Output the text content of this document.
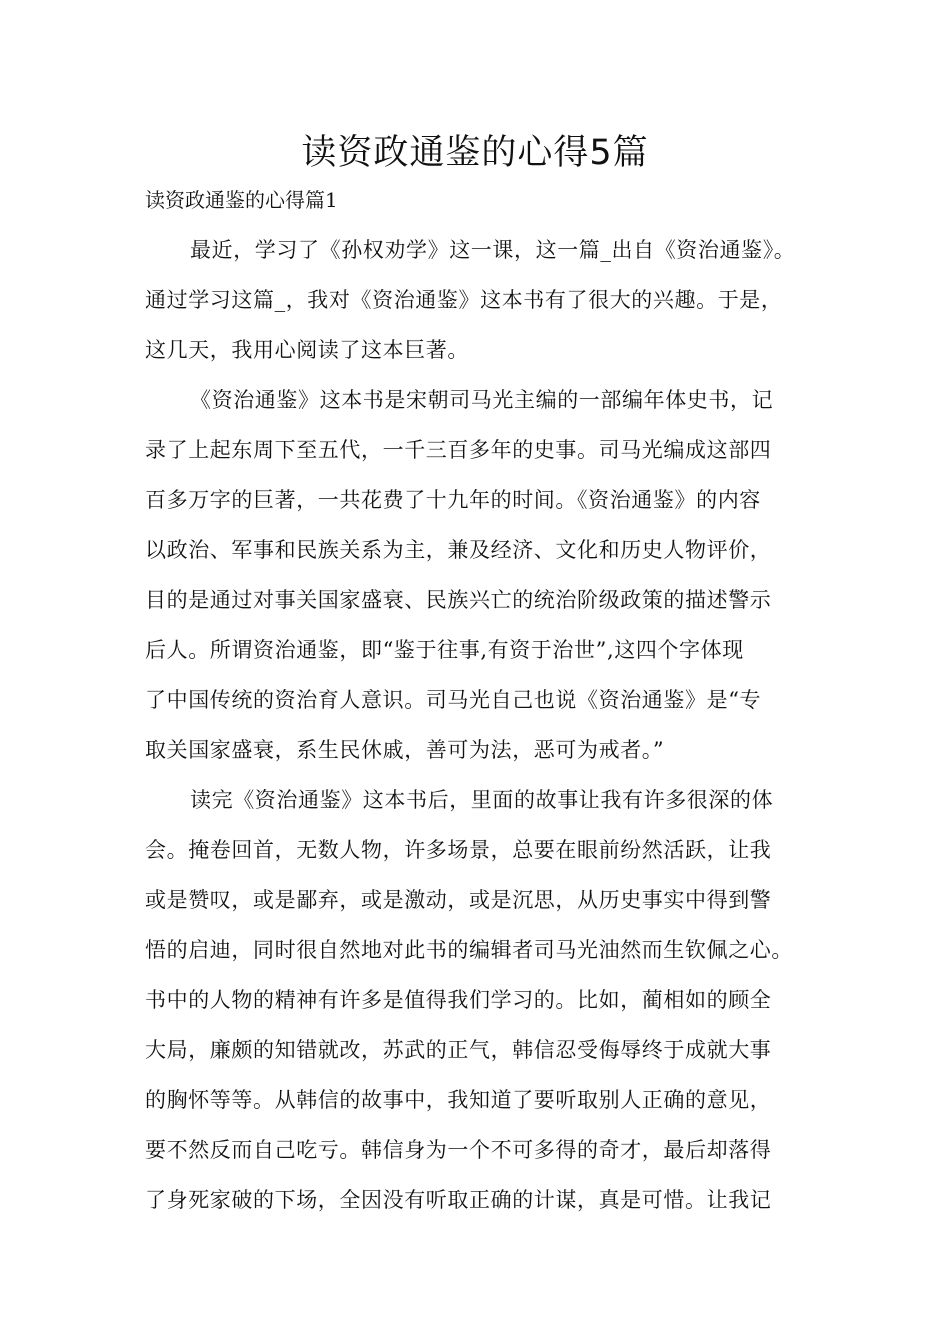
读资政通鉴的心得5篇
读资政通鉴的心得篇1
最近，学习了《孙权劝学》这一课，这一篇_出自《资治通鉴》。
通过学习这篇_，我对《资治通鉴》这本书有了很大的兴趣。于是，
这几天，我用心阅读了这本巨著。
《资治通鉴》这本书是宋朝司马光主编的一部编年体史书，记
录了上起东周下至五代，一千三百多年的史事。司马光编成这部四
百多万字的巨著，一共花费了十九年的时间。《资治通鉴》的内容
以政治、军事和民族关系为主，兼及经济、文化和历史人物评价，
目的是通过对事关国家盛衰、民族兴亡的统治阶级政策的描述警示
后人。所谓资治通鉴，即“鉴于往事,有资于治世”,这四个字体现
了中国传统的资治育人意识。司马光自己也说《资治通鉴》是“专
取关国家盛衰，系生民休戚，善可为法，恶可为戒者。”
读完《资治通鉴》这本书后，里面的故事让我有许多很深的体
会。掩卷回首，无数人物，许多场景，总要在眼前纷然活跃，让我
或是赞叹，或是鄙弃，或是激动，或是沉思，从历史事实中得到警
悟的启迪，同时很自然地对此书的编辑者司马光油然而生钦佩之心。
书中的人物的精神有许多是值得我们学习的。比如，蔺相如的顾全
大局，廉颇的知错就改，苏武的正气，韩信忍受侮辱终于成就大事
的胸怀等等。从韩信的故事中，我知道了要听取别人正确的意见，
要不然反而自己吃亏。韩信身为一个不可多得的奇才，最后却落得
了身死家破的下场，全因没有听取正确的计谋，真是可惜。让我记
